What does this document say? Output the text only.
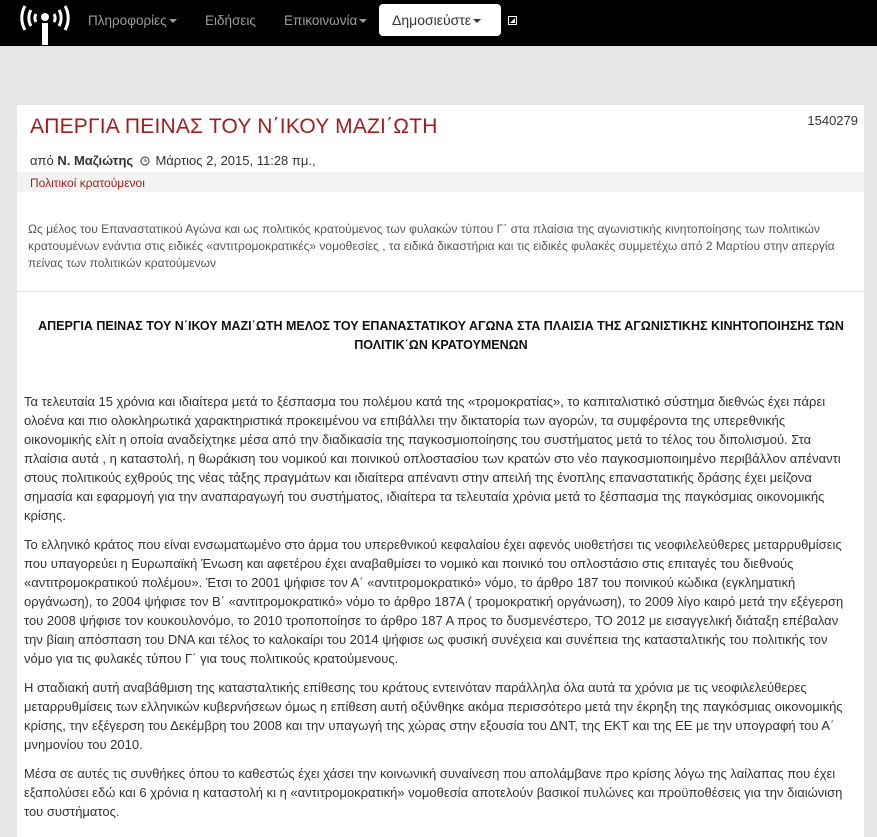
Πληροφορίες	Ειδήσεις Επικοινωνία	Δημοσιεύστε
1540279
ΑΠΕΡΓΙΑ ΠΕΙΝΑΣ ΤΟΥ Ν΄ΙΚΟΥ ΜΑΖΙ΄ΩΤΗ
από Ν. Μαζιώτης Μάρτιος 2, 2015, 11:28 πμ.,
Πολιτικοί κρατούμενοι

Ως μέλος του Επαναστατικού Αγώνα και ως πολιτικός κρατούμενος των φυλακών τύπου Γ΄ στα πλαίσια της αγωνιστικής κινητοποίησης των πολιτικών κρατουμένων ενάντια στις ειδικές «αντιτρομοκρατικές» νομοθεσίες , τα ειδικά δικαστήρια και τις ειδικές φυλακές συμμετέχω από 2 Μαρτίου στην απεργία πείνας των πολιτικών κρατούμενων

ΑΠΕΡΓΙΑ ΠΕΙΝΑΣ ΤΟΥ Ν΄ΙΚΟΥ ΜΑΖΙ΄ΩΤΗ ΜΕΛΟΣ ΤΟΥ ΕΠΑΝΑΣΤΑΤΙΚΟΥ ΑΓΩΝΑ ΣΤΑ ΠΛΑΙΣΙΑ ΤΗΣ ΑΓΩΝΙΣΤΙΚΗΣ ΚΙΝΗΤΟΠΟΙΗΣΗΣ ΤΩΝ ΠΟΛΙΤΙΚ΄ΩΝ ΚΡΑΤΟΥΜΕΝΩΝ

Τα τελευταία 15 χρόνια και ιδιαίτερα μετά το ξέσπασμα του πολέμου κατά της «τρομοκρατίας», το καπιταλιστικό σύστημα διεθνώς έχει πάρει ολοένα και πιο ολοκληρωτικά χαρακτηριστικά προκειμένου να επιβάλλει την δικτατορία των αγορών, τα συμφέροντα της υπερεθνικής οικονομικής ελίτ η οποία αναδείχτηκε μέσα από την διαδικασία της παγκοσμιοποίησης του συστήματος μετά το τέλος του διπολισμού. Στα πλαίσια αυτά , η καταστολή, η θωράκιση του νομικού και ποινικού οπλοστασίου των κρατών στο νέο παγκοσμιοποιημένο περιβάλλον απέναντι στους πολιτικούς εχθρούς της νέας τάξης πραγμάτων και ιδιαίτερα απέναντι στην απειλή της ένοπλης επαναστατικής δράσης έχει μείζονα σημασία και εφαρμογή για την αναπαραγωγή του συστήματος, ιδιαίτερα τα τελευταία χρόνια μετά το ξέσπασμα της παγκόσμιας οικονομικής κρίσης.

Το ελληνικό κράτος που είναι ενσωματωμένο στο άρμα του υπερεθνικού κεφαλαίου έχει αφενός υιοθετήσει τις νεοφιλελεύθερες μεταρρυθμίσεις που υπαγορεύει η Ευρωπαϊκή Ένωση και αφετέρου έχει αναβαθμίσει το νομικό και ποινικό του οπλοστάσιο στις επιταγές του διεθνούς «αντιτρομοκρατικού πολέμου». Έτσι το 2001 ψήφισε τον Α΄ «αντιτρομοκρατικό» νόμο, το άρθρο 187 του ποινικού κώδικα (εγκληματική οργάνωση), το 2004 ψήφισε τον Β΄ «αντιτρομοκρατικό» νόμο το άρθρο 187Α ( τρομοκρατική οργάνωση), το 2009 λίγο καιρό μετά την εξέγερση του 2008 ψήφισε τον κουκουλονόμο, το 2010 τροποποίησε το άρθρο 187 Α προς το δυσμενέστερο, ΤΟ 2012 με εισαγγελική διάταξη επέβαλαν την βίαιη απόσπαση του DNA και τέλος το καλοκαίρι του 2014 ψήφισε ως φυσική συνέχεια και συνέπεια της κατασταλτικής του πολιτικής τον νόμο για τις φυλακές τύπου Γ΄ για τους πολιτικούς κρατούμενους.

Η σταδιακή αυτή αναβάθμιση της κατασταλτικής επίθεσης του κράτους εντεινόταν παράλληλα όλα αυτά τα χρόνια με τις νεοφιλελεύθερες μεταρρυθμίσεις των ελληνικών κυβερνήσεων όμως η επίθεση αυτή οξύνθηκε ακόμα περισσότερο μετά την έκρηξη της παγκόσμιας οικονομικής κρίσης, την εξέγερση του Δεκέμβρη του 2008 και την υπαγωγή της χώρας στην εξουσία του ΔΝΤ, της ΕΚΤ και της ΕΕ με την υπογραφή του Α΄ μνημονίου του 2010.

Μέσα σε αυτές τις συνθήκες όπου το καθεστώς έχει χάσει την κοινωνική συναίνεση που απολάμβανε προ κρίσης λόγω της λαίλαπας που έχει εξαπολύσει εδώ και 6 χρόνια η καταστολή κι η «αντιτρομοκρατική» νομοθεσία αποτελούν βασικοί πυλώνες και προϋποθέσεις για την διαιώνιση του συστήματος.
